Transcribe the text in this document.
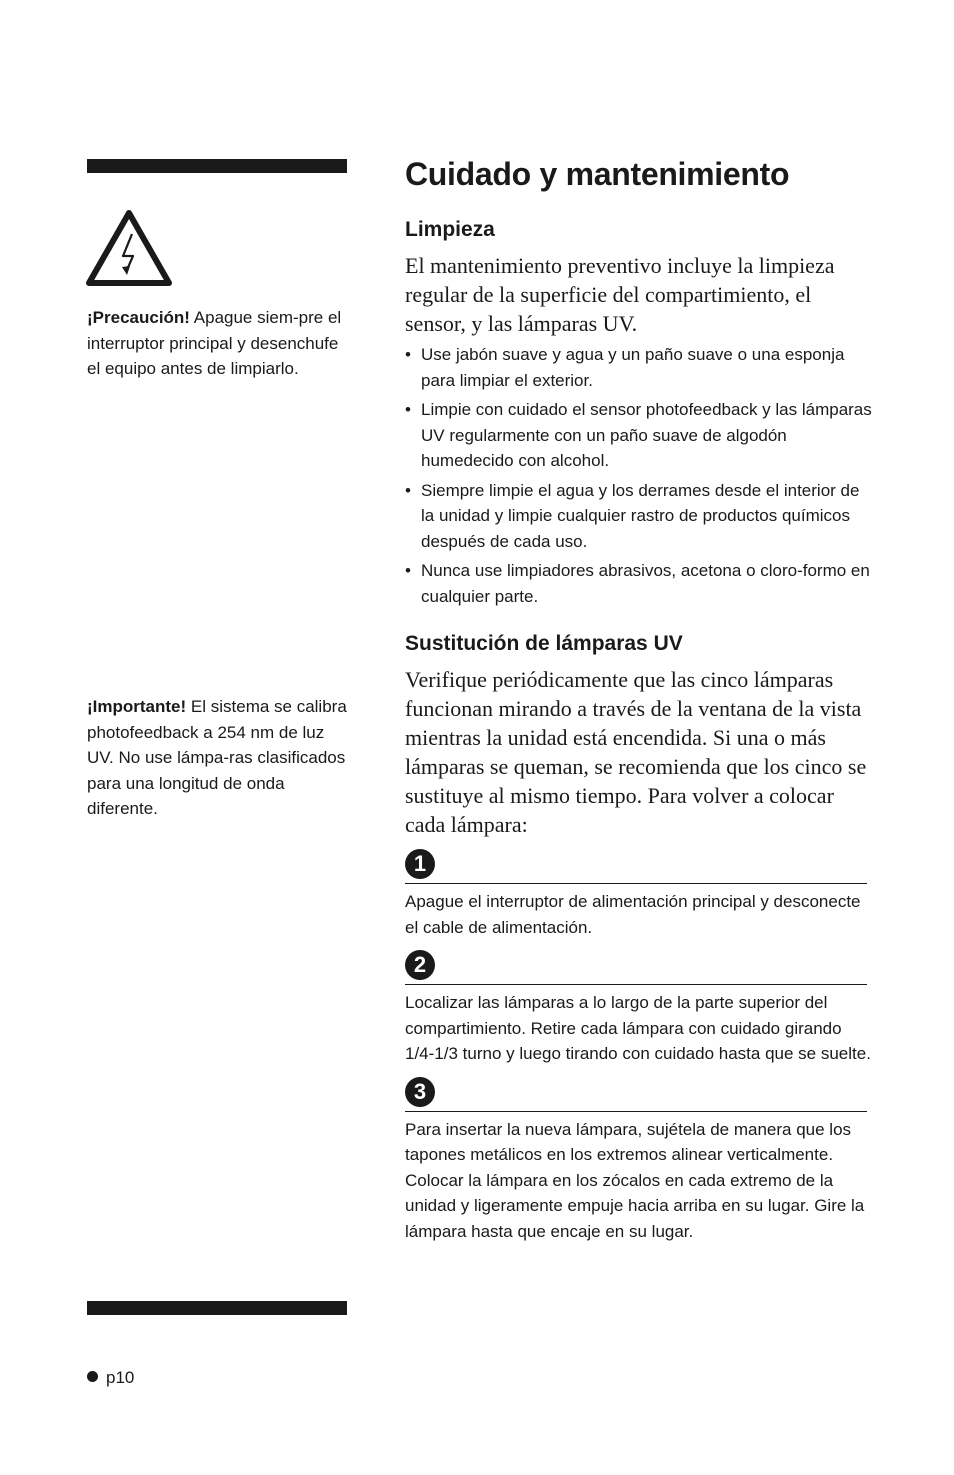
¡Precaución! Apague siem-pre el interruptor principal y desenchufe el equipo antes de limpiarlo.
¡Importante! El sistema se calibra photofeedback a 254 nm de luz UV. No use lámpa-ras clasificados para una longitud de onda diferente.
Cuidado y mantenimiento
Limpieza

El mantenimiento preventivo incluye la limpieza regular de la superficie del compartimiento, el sensor, y las lámparas UV.

• Use jabón suave y agua y un paño suave o una esponja para limpiar el exterior.
• Limpie con cuidado el sensor photofeedback y las lámparas UV regularmente con un paño suave de algodón humedecido con alcohol.
• Siempre limpie el agua y los derrames desde el interior de la unidad y limpie cualquier rastro de productos químicos después de cada uso.
• Nunca use limpiadores abrasivos, acetona o cloro-formo en cualquier parte.
Sustitución de lámparas UV

Verifique periódicamente que las cinco lámparas funcionan mirando a través de la ventana de la vista mientras la unidad está encendida. Si una o más lámparas se queman, se recomienda que los cinco se sustituye al mismo tiempo. Para volver a colocar cada lámpara:

1

Apague el interruptor de alimentación principal y desconecte el cable de alimentación.

2

Localizar las lámparas a lo largo de la parte superior del compartimiento. Retire cada lámpara con cuidado girando 1/4-1/3 turno y luego tirando con cuidado hasta que se suelte.

3

Para insertar la nueva lámpara, sujételа de manera que los tapones metálicos en los extremos alinear verticalmente. Colocar la lámpara en los zócalos en cada extremo de la unidad y ligeramente empuje hacia arriba en su lugar. Gire la lámpara hasta que encaje en su lugar.

p10
